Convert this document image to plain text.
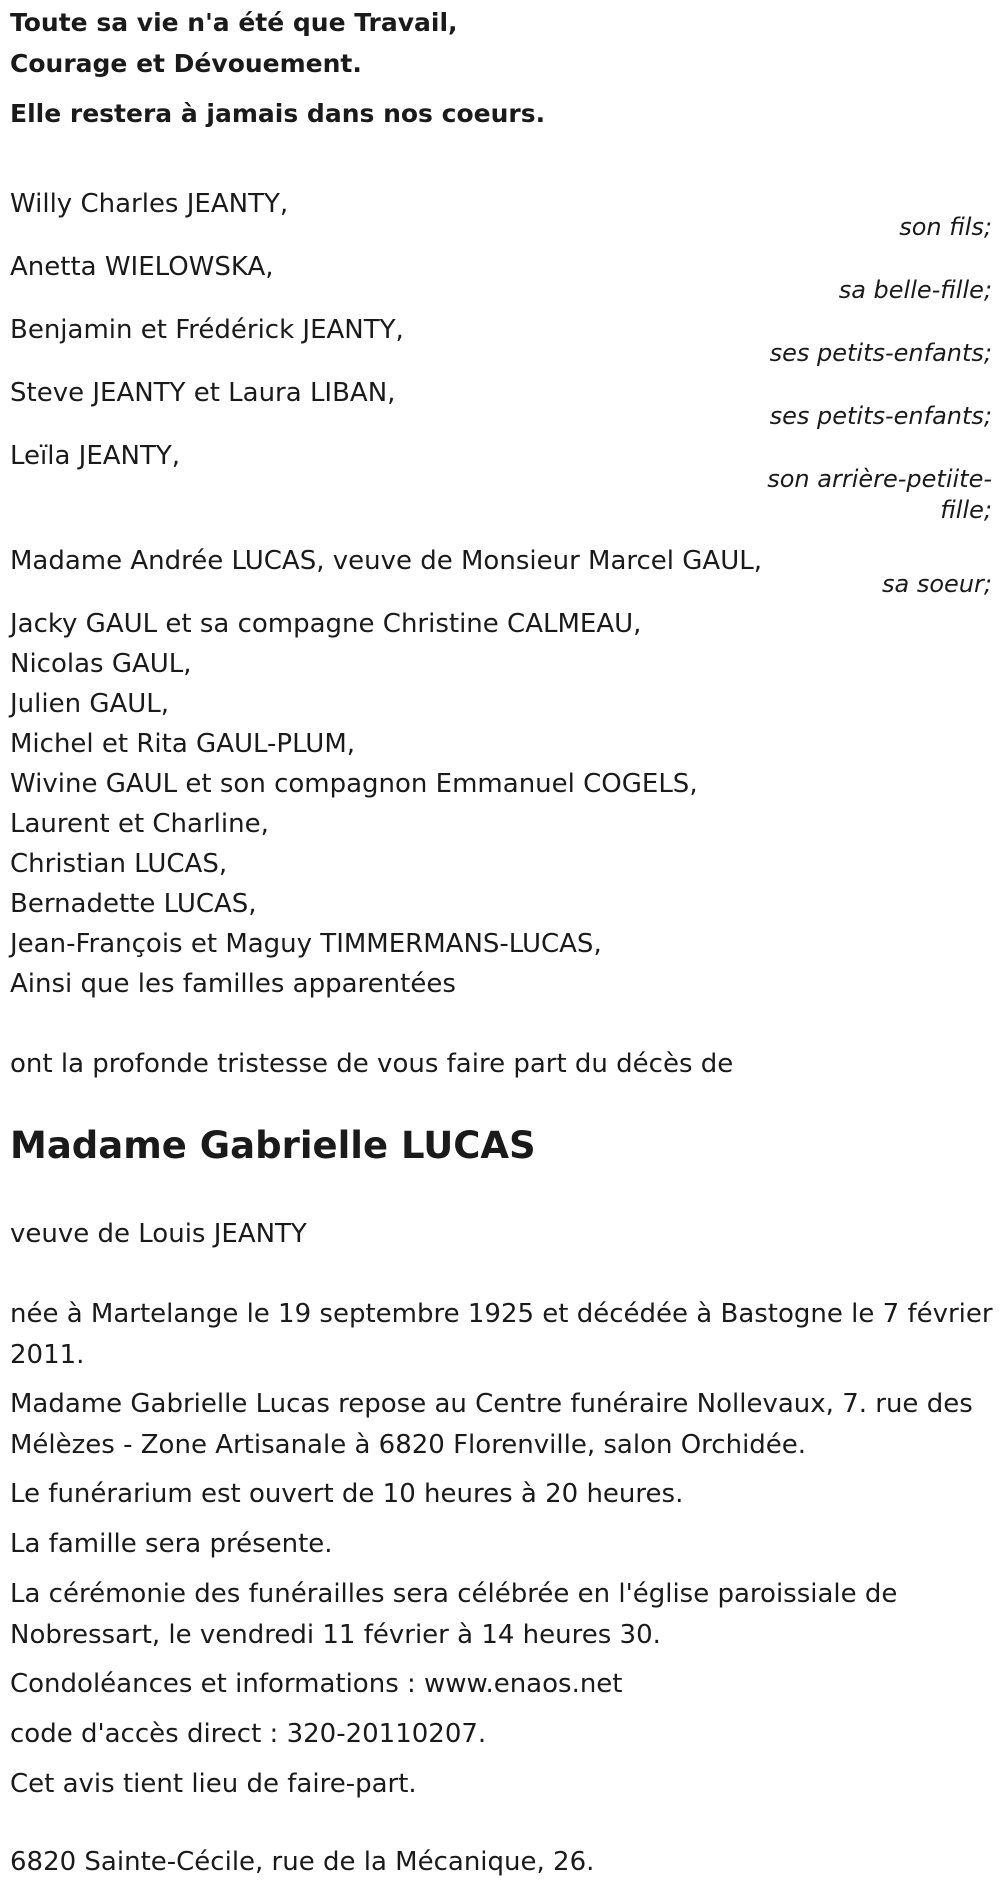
Toute sa vie n'a été que Travail,

Courage et Dévouement.

Elle restera à jamais dans nos coeurs.

Willy Charles JEANTY,

son fils;

Anetta WIELOWSKA,

sa belle-fille;

Benjamin et Frédérick JEANTY,

ses petits-enfants;

Steve JEANTY et Laura LIBAN,

ses petits-enfants;

Leïla JEANTY,

son arrière-petiite-fille;

Madame Andrée LUCAS, veuve de Monsieur Marcel GAUL,

sa soeur;

Jacky GAUL et sa compagne Christine CALMEAU,

Nicolas GAUL,

Julien GAUL,

Michel et Rita GAUL-PLUM,

Wivine GAUL et son compagnon Emmanuel COGELS,

Laurent et Charline,

Christian LUCAS,

Bernadette LUCAS,

Jean-François et Maguy TIMMERMANS-LUCAS,

Ainsi que les familles apparentées

ont la profonde tristesse de vous faire part du décès de

Madame Gabrielle LUCAS

veuve de Louis JEANTY

née à Martelange le 19 septembre 1925 et décédée à Bastogne le 7 février 2011.

Madame Gabrielle Lucas repose au Centre funéraire Nollevaux, 7. rue des Mélèzes - Zone Artisanale à 6820 Florenville, salon Orchidée.

Le funérarium est ouvert de 10 heures à 20 heures.

La famille sera présente.

La cérémonie des funérailles sera célébrée en l'église paroissiale de Nobressart, le vendredi 11 février à 14 heures 30.

Condoléances et informations : www.enaos.net

code d'accès direct : 320-20110207.

Cet avis tient lieu de faire-part.

6820 Sainte-Cécile, rue de la Mécanique, 26.
